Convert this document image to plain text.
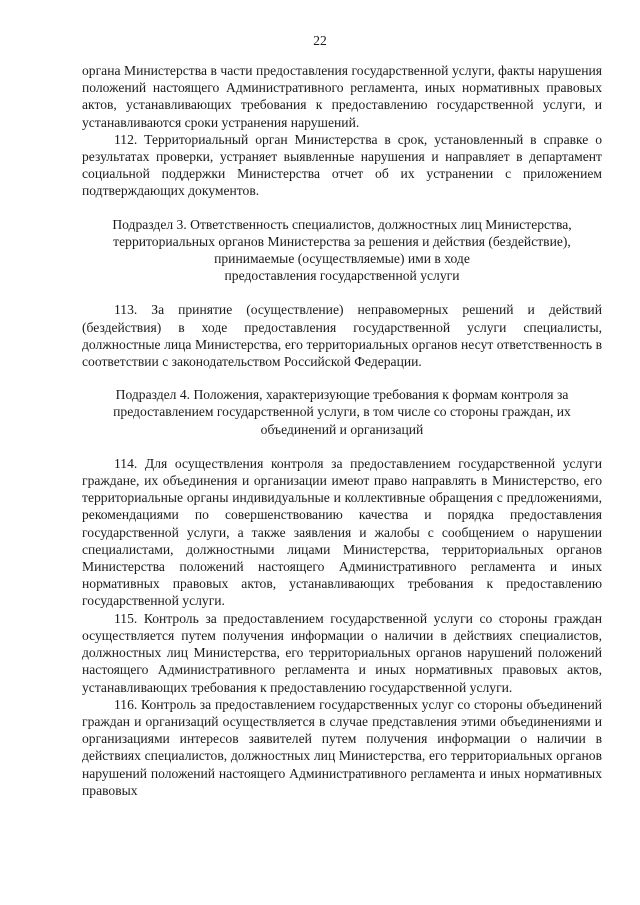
22

органа Министерства в части предоставления государственной услуги, факты нарушения положений настоящего Административного регламента, иных нормативных правовых актов, устанавливающих требования к предоставлению государственной услуги, и устанавливаются сроки устранения нарушений.

112. Территориальный орган Министерства в срок, установленный в справке о результатах проверки, устраняет выявленные нарушения и направляет в департамент социальной поддержки Министерства отчет об их устранении с приложением подтверждающих документов.

Подраздел 3. Ответственность специалистов, должностных лиц Министерства,
территориальных органов Министерства за решения и действия (бездействие),
принимаемые (осуществляемые) ими в ходе
предоставления государственной услуги

113. За принятие (осуществление) неправомерных решений и действий (бездействия) в ходе предоставления государственной услуги специалисты, должностные лица Министерства, его территориальных органов несут ответственность в соответствии с законодательством Российской Федерации.

Подраздел 4. Положения, характеризующие требования к формам контроля за
предоставлением государственной услуги, в том числе со стороны граждан, их
объединений и организаций

114. Для осуществления контроля за предоставлением государственной услуги граждане, их объединения и организации имеют право направлять в Министерство, его территориальные органы индивидуальные и коллективные обращения с предложениями, рекомендациями по совершенствованию качества и порядка предоставления государственной услуги, а также заявления и жалобы с сообщением о нарушении специалистами, должностными лицами Министерства, территориальных органов Министерства положений настоящего Административного регламента и иных нормативных правовых актов, устанавливающих требования к предоставлению государственной услуги.

115. Контроль за предоставлением государственной услуги со стороны граждан осуществляется путем получения информации о наличии в действиях специалистов, должностных лиц Министерства, его территориальных органов нарушений положений настоящего Административного регламента и иных нормативных правовых актов, устанавливающих требования к предоставлению государственной услуги.

116. Контроль за предоставлением государственных услуг со стороны объединений граждан и организаций осуществляется в случае представления этими объединениями и организациями интересов заявителей путем получения информации о наличии в действиях специалистов, должностных лиц Министерства, его территориальных органов нарушений положений настоящего Административного регламента и иных нормативных правовых
